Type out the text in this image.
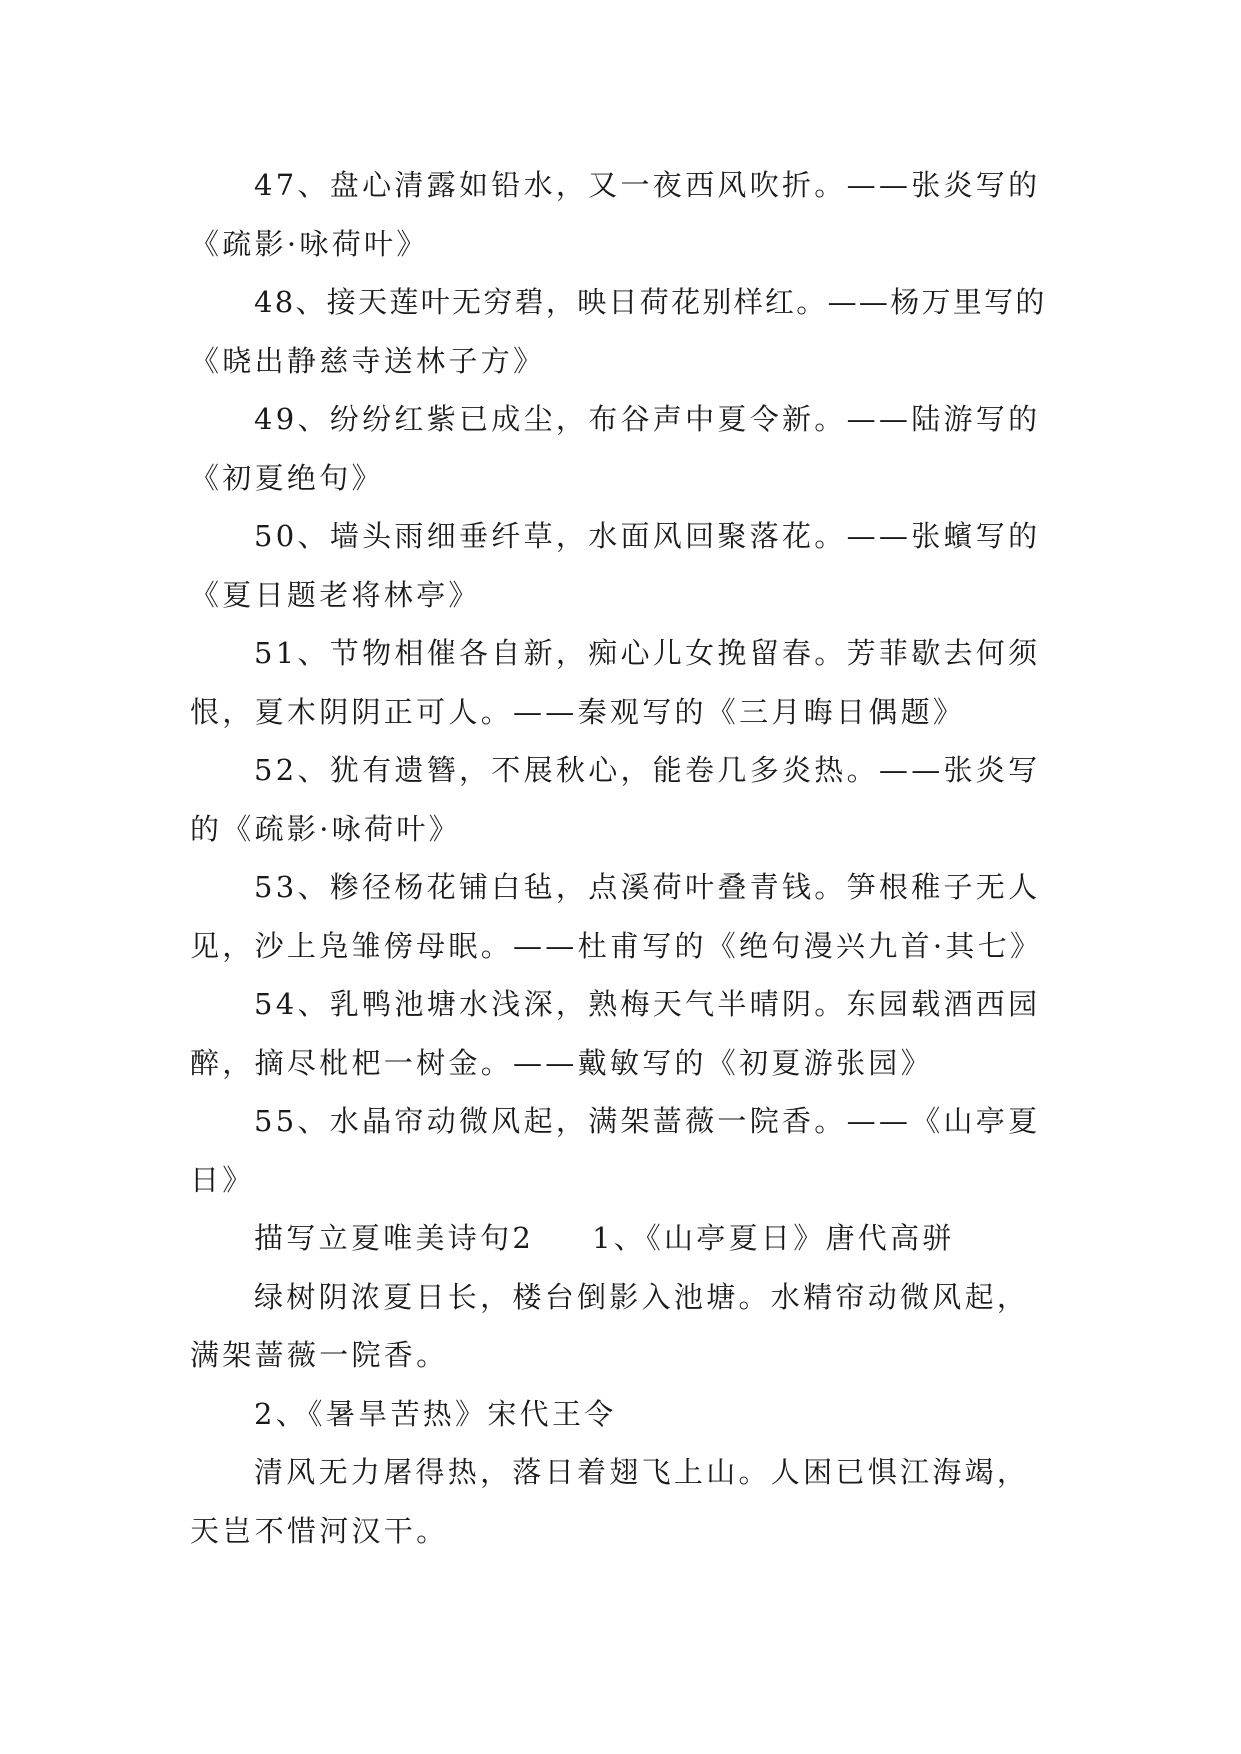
47、盘心清露如铅水，又一夜西风吹折。——张炎写的
《疏影·咏荷叶》
48、接天莲叶无穷碧，映日荷花别样红。——杨万里写的
《晓出静慈寺送林子方》
49、纷纷红紫已成尘，布谷声中夏令新。——陆游写的
《初夏绝句》
50、墙头雨细垂纤草，水面风回聚落花。——张蠙写的
《夏日题老将林亭》
51、节物相催各自新，痴心儿女挽留春。芳菲歇去何须
恨，夏木阴阴正可人。——秦观写的《三月晦日偶题》
52、犹有遗簪，不展秋心，能卷几多炎热。——张炎写
的《疏影·咏荷叶》
53、糁径杨花铺白毡，点溪荷叶叠青钱。笋根稚子无人
见，沙上凫雏傍母眠。——杜甫写的《绝句漫兴九首·其七》
54、乳鸭池塘水浅深，熟梅天气半晴阴。东园载酒西园
醉，摘尽枇杷一树金。——戴敏写的《初夏游张园》
55、水晶帘动微风起，满架蔷薇一院香。——《山亭夏
日》
描写立夏唯美诗句2 1、《山亭夏日》唐代高骈
绿树阴浓夏日长，楼台倒影入池塘。水精帘动微风起，
满架蔷薇一院香。
2、《暑旱苦热》宋代王令
清风无力屠得热，落日着翅飞上山。人困已惧江海竭，
天岂不惜河汉干。
